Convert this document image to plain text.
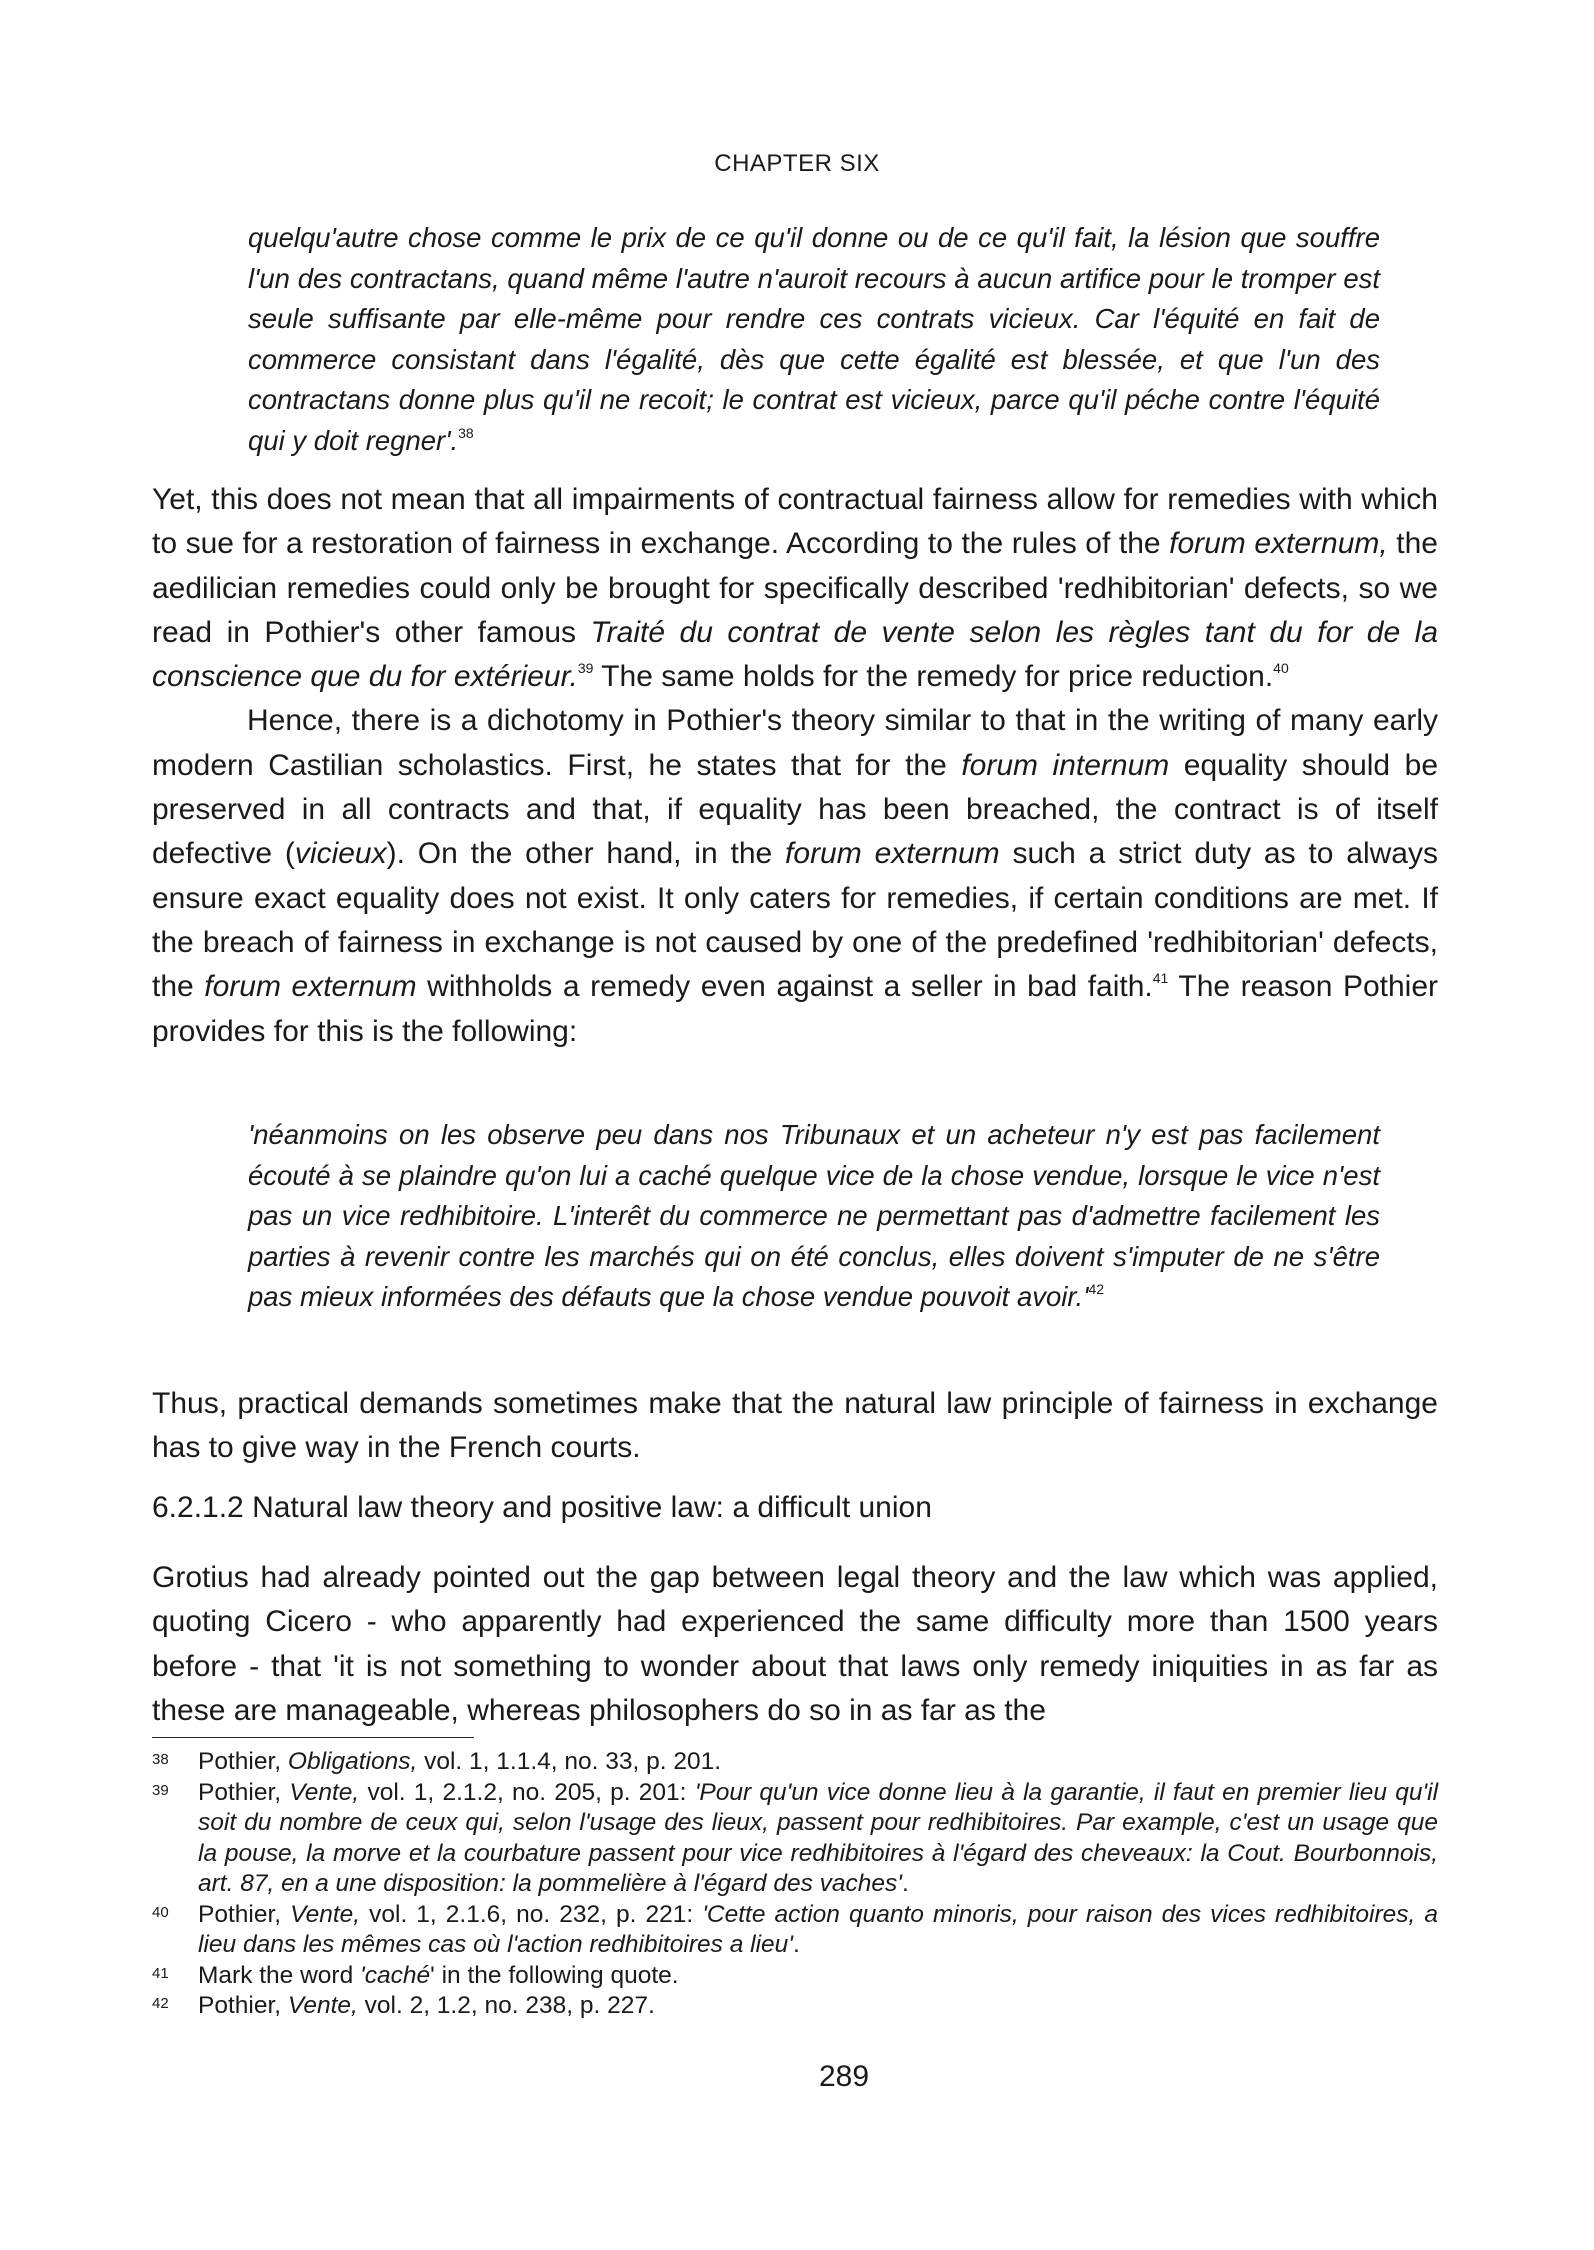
CHAPTER SIX
quelqu'autre chose comme le prix de ce qu'il donne ou de ce qu'il fait, la lésion que souffre l'un des contractans, quand même l'autre n'auroit recours à aucun artifice pour le tromper est seule suffisante par elle-même pour rendre ces contrats vicieux. Car l'équité en fait de commerce consistant dans l'égalité, dès que cette égalité est blessée, et que l'un des contractans donne plus qu'il ne recoit; le contrat est vicieux, parce qu'il péche contre l'équité qui y doit regner'.$^{38}$

Yet, this does not mean that all impairments of contractual fairness allow for remedies with which to sue for a restoration of fairness in exchange. According to the rules of the forum externum, the aedilician remedies could only be brought for specifically described 'redhibitorian' defects, so we read in Pothier's other famous Traité du contrat de vente selon les règles tant du for de la conscience que du for extérieur.$^{39}$ The same holds for the remedy for price reduction.$^{40}$

Hence, there is a dichotomy in Pothier's theory similar to that in the writing of many early modern Castilian scholastics. First, he states that for the forum internum equality should be preserved in all contracts and that, if equality has been breached, the contract is of itself defective (vicieux). On the other hand, in the forum externum such a strict duty as to always ensure exact equality does not exist. It only caters for remedies, if certain conditions are met. If the breach of fairness in exchange is not caused by one of the predefined 'redhibitorian' defects, the forum externum withholds a remedy even against a seller in bad faith.$^{41}$ The reason Pothier provides for this is the following:

'néanmoins on les observe peu dans nos Tribunaux et un acheteur n'y est pas facilement écouté à se plaindre qu'on lui a caché quelque vice de la chose vendue, lorsque le vice n'est pas un vice redhibitoire. L'interêt du commerce ne permettant pas d'admettre facilement les parties à revenir contre les marchés qui on été conclus, elles doivent s'imputer de ne s'être pas mieux informées des défauts que la chose vendue pouvoit $avoir.'^{42}$

Thus, practical demands sometimes make that the natural law principle of fairness in exchange has to give way in the French courts.

6.2.1.2 Natural law theory and positive law: a difficult union

Grotius had already pointed out the gap between legal theory and the law which was applied, quoting Cicero - who apparently had experienced the same difficulty more than 1500 years before - that 'it is not something to wonder about that laws only remedy iniquities in as far as these are manageable, whereas philosophers do so in as far as the

38 Pothier, Obligations, vol. 1, 1.1.4, no. 33, p. 201.
39 Pothier, Vente, vol. 1, 2.1.2, no. 205, p. 201: 'Pour qu'un vice donne lieu à la garantie, il faut en premier lieu qu'il soit du nombre de ceux qui, selon l'usage des lieux, passent pour redhibitoires. Par example, c'est un usage que la pouse, la morve et la courbature passent pour vice redhibitoires à l'égard des cheveaux: la Cout. Bourbonnois, art. 87, en a une disposition: la pommelière à l'égard des vaches'.
40 Pothier, Vente, vol. 1, 2.1.6, no. 232, p. 221: 'Cette action quanto minoris, pour raison des vices redhibitoires, a lieu dans les mêmes cas où l'action redhibitoires a lieu'.
41 Mark the word 'caché' in the following quote.
42 Pothier, Vente, vol. 2, 1.2, no. 238, p. 227.
289
